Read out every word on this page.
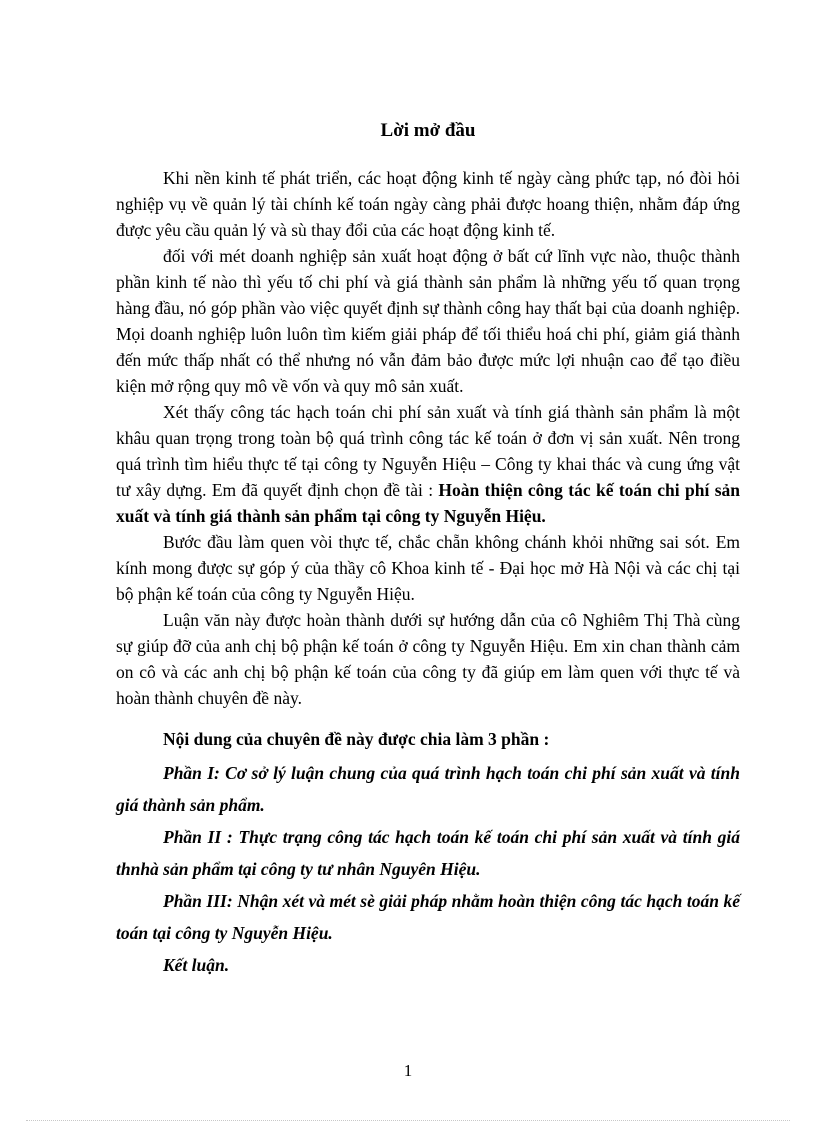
Lời mở đầu

Khi nền kinh tế phát triển, các hoạt động kinh tế ngày càng phức tạp, nó đòi hỏi nghiệp vụ về quản lý tài chính kế toán ngày càng phải được hoang thiện, nhằm đáp ứng được yêu cầu quản lý và sù thay đổi của các hoạt động kinh tế.

đối với mét doanh nghiệp sản xuất hoạt động ở bất cứ lĩnh vực nào, thuộc thành phần kinh tế nào thì yếu tố chi phí và giá thành sản phẩm là những yếu tố quan trọng hàng đầu, nó góp phần vào việc quyết định sự thành công hay thất bại của doanh nghiệp. Mọi doanh nghiệp luôn luôn tìm kiếm giải pháp để tối thiểu hoá chi phí, giảm giá thành đến mức thấp nhất có thể nhưng nó vẫn đảm bảo được mức lợi nhuận cao để tạo điều kiện mở rộng quy mô về vốn và quy mô sản xuất.

Xét thấy công tác hạch toán chi phí sản xuất và tính giá thành sản phẩm là một khâu quan trọng trong toàn bộ quá trình công tác kế toán ở đơn vị sản xuất. Nên trong quá trình tìm hiểu thực tế tại công ty Nguyễn Hiệu – Công ty khai thác và cung ứng vật tư xây dựng. Em đã quyết định chọn đề tài : Hoàn thiện công tác kế toán chi phí sản xuất và tính giá thành sản phẩm tại công ty Nguyễn Hiệu.

Bước đầu làm quen vòi thực tế, chắc chẵn không chánh khỏi những sai sót. Em kính mong được sự góp ý của thầy cô Khoa kinh tế - Đại học mở Hà Nội và các chị tại bộ phận kế toán của công ty Nguyễn Hiệu.

Luận văn này được hoàn thành dưới sự hướng dẫn của cô Nghiêm Thị Thà cùng sự giúp đỡ của anh chị bộ phận kế toán ở công ty Nguyễn Hiệu. Em xin chan thành cảm on cô và các anh chị bộ phận kế toán của công ty đã giúp em làm quen với thực tế và hoàn thành chuyên đề này.

Nội dung của chuyên đề này được chia làm 3 phần :

Phần I: Cơ sở lý luận chung của quá trình hạch toán chi phí sản xuất và tính giá thành sản phẩm.

Phần II : Thực trạng công tác hạch toán kế toán chi phí sản xuất và tính giá thnhà sản phẩm tại công ty tư nhân Nguyên Hiệu.

Phần III: Nhận xét và mét sè giải pháp nhằm hoàn thiện công tác hạch toán kế toán tại công ty Nguyễn Hiệu.

Kết luận.

1
